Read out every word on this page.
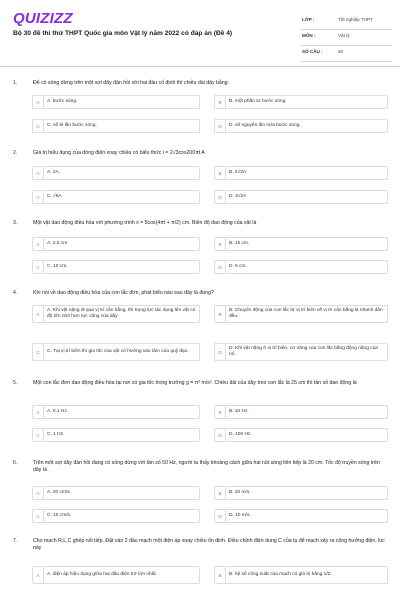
QUIZIZZ
Bộ 30 đề thi thử THPT Quốc gia môn Vật lý năm 2022 có đáp án (Đề 4)
LỚP :	Tốt nghiệp THPT
MÔN :	Vật lý
SỐ CÂU :	40
1.	Để có sóng dừng trên một sợi dây đàn hồi với hai đầu cố định thì chiều dài dây bằng:
A	A. bước sóng.	B	B. một phần tư bước sóng.
C	C. số lẻ lần bước sóng.	D	D. số nguyên lần nửa bước sóng.
2.	Giá trị hiệu dụng của dòng điện xoay chiều có biểu thức i = 2√3cos200πt A
A	A. 2A.	B	B. 2√3A
C	C. √6A	D	D. 3√2A
3.	Một vật dao động điều hòa với phương trình x = 5cos(4πt + π/2) cm. Biên độ dao động của vật là
A	A. 2,5 cm.	B	B. 15 cm.
C	C. 10 cm.	D	D. 5 cm.
4.	Khi nói về dao động điều hòa của con lắc đơn, phát biểu nào sau đây là đúng?
A
A. Khi vật nặng đi qua vị trí cân bằng, thì trọng lực tác dụng lên vật có độ lớn nhỏ hơn lực căng của dây	B
B. Chuyển động của con lắc từ vị trí biên về vị trí cân bằng là nhanh dần đều.
C	C. Tại vị trí biên thì gia tốc của vật có hướng vào tâm của quỹ đạo.	D
D. Khi vật nặng ở vị trí biên, cơ năng của con lắc bằng động năng của nó.
5.	Một con lắc đơn dao động điều hòa tại nơi có gia tốc trọng trường g = π² m/s². Chiều dài của dây treo con lắc là 25 cm thì tần số dao động là
A	A. 0,1 Hz.	B	B. 10 Hz.
C	C. 1 Hz.	D	D. 100 Hz.
6.	Trên một sợi dây đàn hồi đang có sóng dừng với tần số 50 Hz, người ta thấy khoảng cách giữa hai nút sóng liên tiếp là 20 cm. Tốc độ truyền sóng trên dây là
A	A. 20 cm/s.	B	B. 20 m/s.
C	C. 10 cm/s.	D	D. 10 m/s.
7.	Cho mạch R,L,C ghép nối tiếp. Đặt vào 2 đầu mạch một điện áp xoay chiều ổn định. Điều chỉnh điện dung C của tụ để mạch xảy ra cộng hưởng điện, lúc này
A	A. điện áp hiệu dụng giữa hai đầu điện trở lớn nhất.	B	B. hệ số công suất của mạch có giá trị bằng 1/2.
